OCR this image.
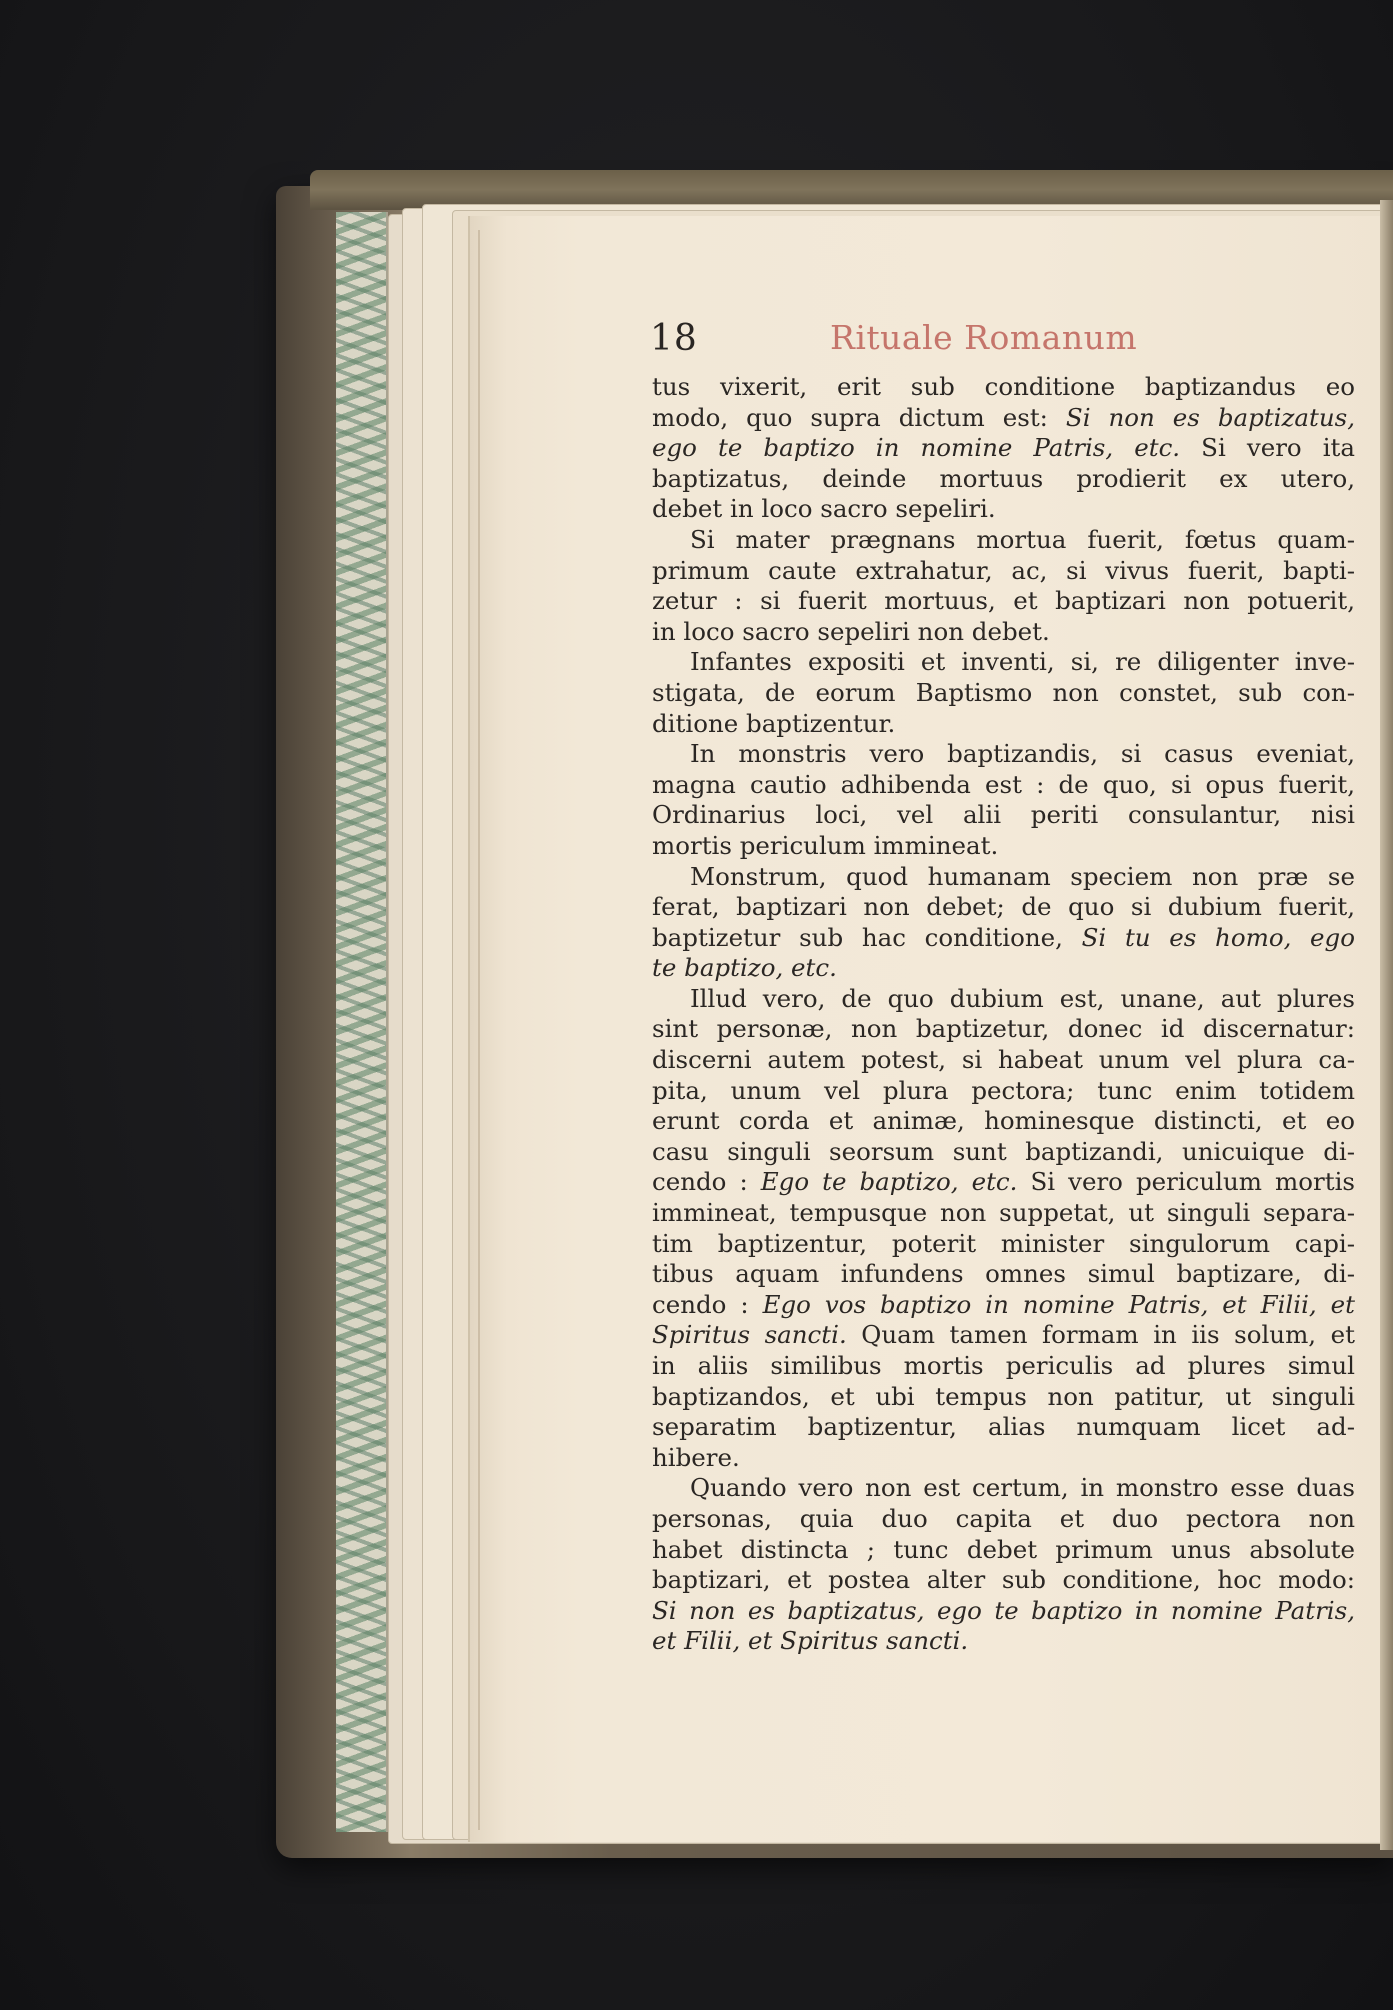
18	Rituale Romanum
tus vixerit, erit sub conditione baptizandus eo
modo, quo supra dictum est: Si non es baptizatus,
ego te baptizo in nomine Patris, etc. Si vero ita
baptizatus, deinde mortuus prodierit ex utero,
debet in loco sacro sepeliri.
Si mater prægnans mortua fuerit, fœtus quam-
primum caute extrahatur, ac, si vivus fuerit, bapti-
zetur : si fuerit mortuus, et baptizari non potuerit,
in loco sacro sepeliri non debet.
Infantes expositi et inventi, si, re diligenter inve-
stigata, de eorum Baptismo non constet, sub con-
ditione baptizentur.
In monstris vero baptizandis, si casus eveniat,
magna cautio adhibenda est : de quo, si opus fuerit,
Ordinarius loci, vel alii periti consulantur, nisi
mortis periculum immineat.
Monstrum, quod humanam speciem non præ se
ferat, baptizari non debet; de quo si dubium fuerit,
baptizetur sub hac conditione, Si tu es homo, ego
te baptizo, etc.
Illud vero, de quo dubium est, unane, aut plures
sint personæ, non baptizetur, donec id discernatur:
discerni autem potest, si habeat unum vel plura ca-
pita, unum vel plura pectora; tunc enim totidem
erunt corda et animæ, hominesque distincti, et eo
casu singuli seorsum sunt baptizandi, unicuique di-
cendo : Ego te baptizo, etc. Si vero periculum mortis
immineat, tempusque non suppetat, ut singuli separa-
tim baptizentur, poterit minister singulorum capi-
tibus aquam infundens omnes simul baptizare, di-
cendo : Ego vos baptizo in nomine Patris, et Filii, et
Spiritus sancti. Quam tamen formam in iis solum, et
in aliis similibus mortis periculis ad plures simul
baptizandos, et ubi tempus non patitur, ut singuli
separatim baptizentur, alias numquam licet ad-
hibere.
Quando vero non est certum, in monstro esse duas
personas, quia duo capita et duo pectora non
habet distincta ; tunc debet primum unus absolute
baptizari, et postea alter sub conditione, hoc modo:
Si non es baptizatus, ego te baptizo in nomine Patris,
et Filii, et Spiritus sancti.
